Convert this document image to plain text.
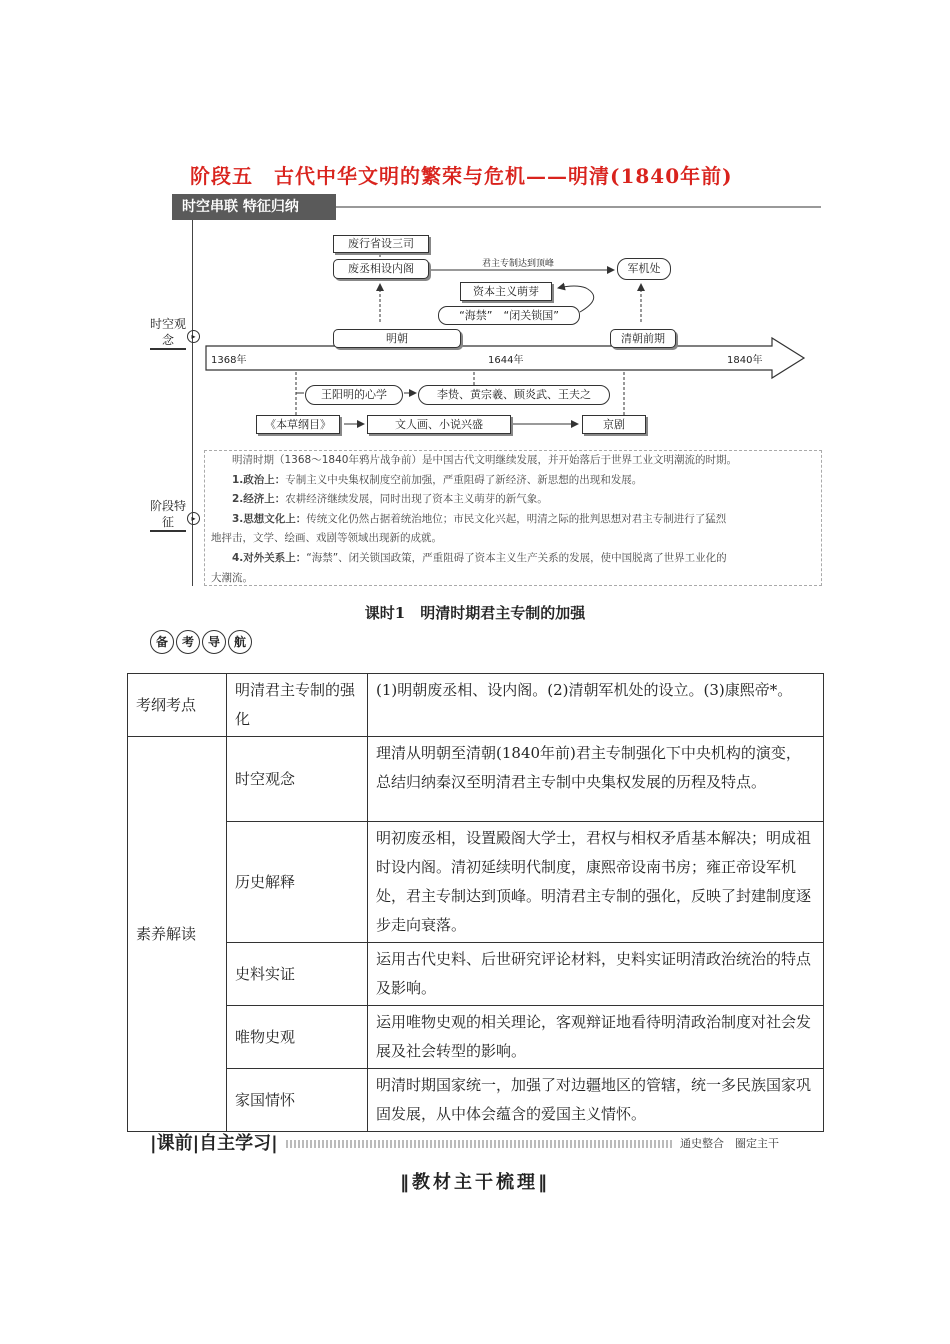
阶段五　古代中华文明的繁荣与危机——明清(1840年前)
时空串联 特征归纳
时空观念	▸
阶段特征	▸
1368年	1644年	1840年
废行省设三司
废丞相设内阁	君主专制达到顶峰	军机处
资本主义萌芽
“海禁”　“闭关锁国”
明朝	清朝前期
王阳明的心学	李贽、黄宗羲、顾炎武、王夫之
《本草纲目》	文人画、小说兴盛	京剧

明清时期（1368～1840年鸦片战争前）是中国古代文明继续发展，并开始落后于世界工业文明潮流的时期。

1.政治上：专制主义中央集权制度空前加强，严重阻碍了新经济、新思想的出现和发展。

2.经济上：农耕经济继续发展，同时出现了资本主义萌芽的新气象。

3.思想文化上：传统文化仍然占据着统治地位；市民文化兴起，明清之际的批判思想对君主专制进行了猛烈

地抨击，文学、绘画、戏剧等领域出现新的成就。

4.对外关系上：“海禁”、闭关锁国政策，严重阻碍了资本主义生产关系的发展，使中国脱离了世界工业化的

大潮流。

课时1　明清时期君主专制的加强
备 考 导 航
考纲考点	明清君主专制的强化	(1)明朝废丞相、设内阁。(2)清朝军机处的设立。(3)康熙帝*。
素养解读	时空观念	理清从明朝至清朝(1840年前)君主专制强化下中央机构的演变，总结归纳秦汉至明清君主专制中央集权发展的历程及特点。
	历史解释	明初废丞相，设置殿阁大学士，君权与相权矛盾基本解决；明成祖时设内阁。清初延续明代制度，康熙帝设南书房；雍正帝设军机处，君主专制达到顶峰。明清君主专制的强化，反映了封建制度逐步走向衰落。
	史料实证	运用古代史料、后世研究评论材料，史料实证明清政治统治的特点及影响。
	唯物史观	运用唯物史观的相关理论，客观辩证地看待明清政治制度对社会发展及社会转型的影响。
	家国情怀	明清时期国家统一，加强了对边疆地区的管辖，统一多民族国家巩固发展，从中体会蕴含的爱国主义情怀。
|课前|自主学习|	通史整合　圈定主干
‖教材主干梳理‖
